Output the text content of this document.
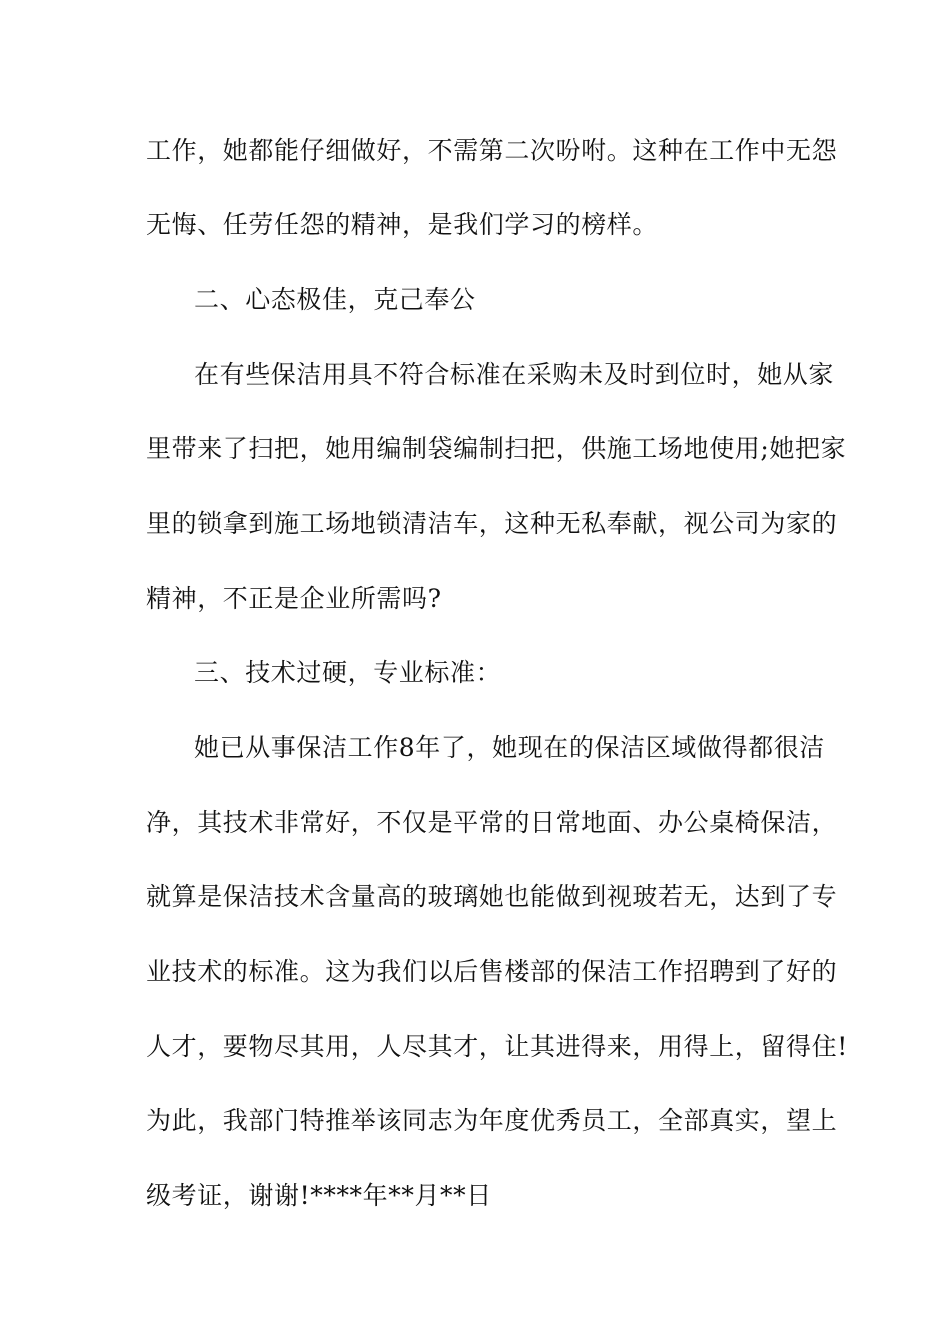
工作，她都能仔细做好，不需第二次吩咐。这种在工作中无怨
无悔、任劳任怨的精神，是我们学习的榜样。
二、心态极佳，克己奉公
在有些保洁用具不符合标准在采购未及时到位时，她从家
里带来了扫把，她用编制袋编制扫把，供施工场地使用;她把家
里的锁拿到施工场地锁清洁车，这种无私奉献，视公司为家的
精神，不正是企业所需吗?
三、技术过硬，专业标准：
她已从事保洁工作8年了，她现在的保洁区域做得都很洁
净，其技术非常好，不仅是平常的日常地面、办公桌椅保洁，
就算是保洁技术含量高的玻璃她也能做到视玻若无，达到了专
业技术的标准。这为我们以后售楼部的保洁工作招聘到了好的
人才，要物尽其用，人尽其才，让其进得来，用得上，留得住!
为此，我部门特推举该同志为年度优秀员工，全部真实，望上
级考证，谢谢!****年**月**日
